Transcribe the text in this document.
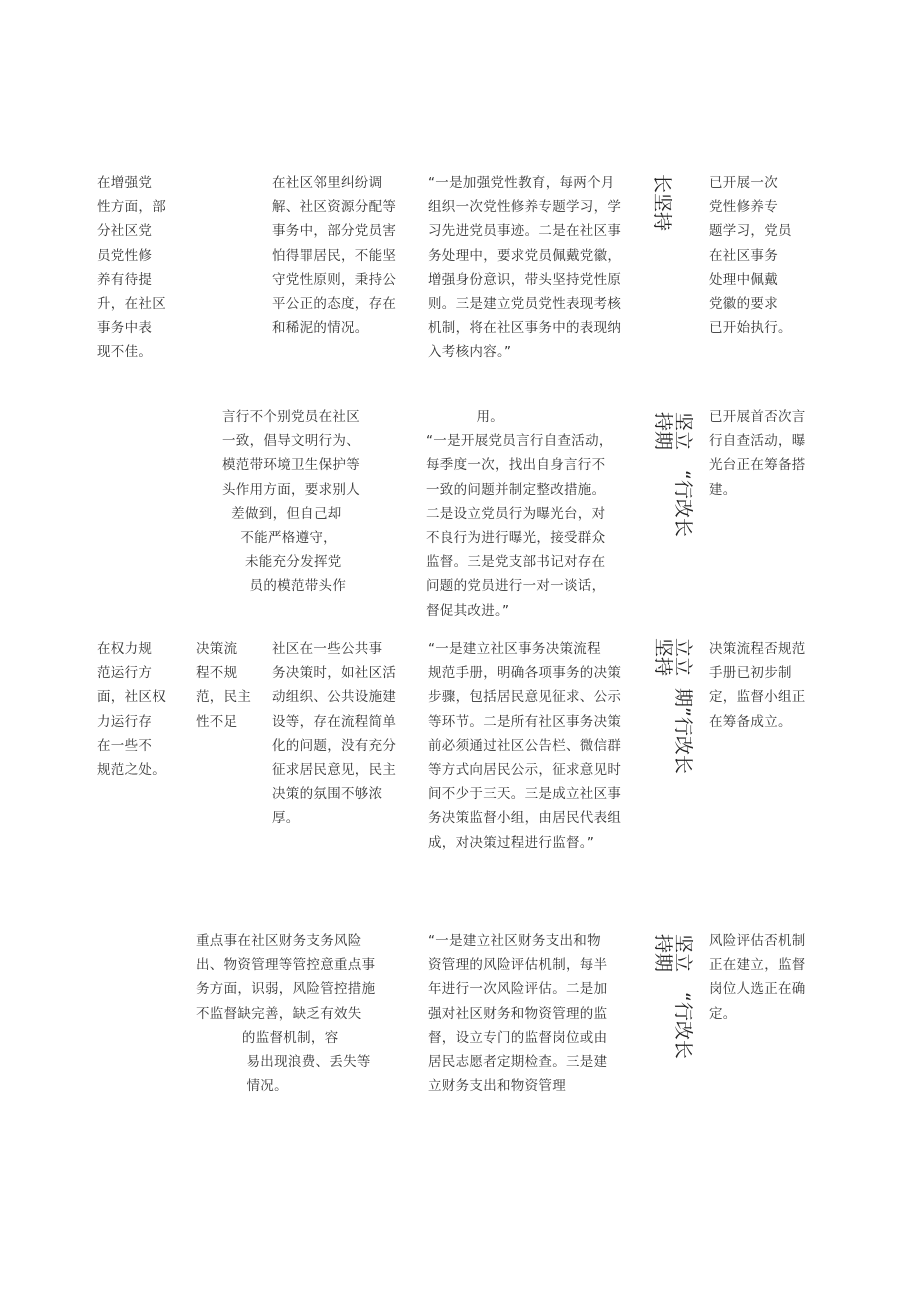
在增强党
性方面，部
分社区党
员党性修
养有待提
升，在社区
事务中表
现不佳。
在社区邻里纠纷调
解、社区资源分配等
事务中，部分党员害
怕得罪居民，不能坚
守党性原则，秉持公
平公正的态度，存在
和稀泥的情况。
“一是加强党性教育，每两个月
组织一次党性修养专题学习，学
习先进党员事迹。二是在社区事
务处理中，要求党员佩戴党徽，
增强身份意识，带头坚持党性原
则。三是建立党员党性表现考核
机制，将在社区事务中的表现纳
入考核内容。”
长坚持	已开展一次
党性修养专
题学习，党员
在社区事务
处理中佩戴
党徽的要求
已开始执行。
言行不个别党员在社区
一致，倡导文明行为、
模范带环境卫生保护等
头作用方面，要求别人
差做到，但自己却
不能严格遵守，
未能充分发挥党
员的模范带头作
用。
“一是开展党员言行自查活动，
每季度一次，找出自身言行不
一致的问题并制定整改措施。
二是设立党员行为曝光台，对
不良行为进行曝光，接受群众
监督。三是党支部书记对存在
问题的党员进行一对一谈话，
督促其改进。”
坚立
持期
“行改长
已开展首否次言
行自查活动，曝
光台正在筹备搭
建。
在权力规
范运行方
面，社区权
力运行存
在一些不
规范之处。
决策流
程不规
范，民主
性不足
社区在一些公共事
务决策时，如社区活
动组织、公共设施建
设等，存在流程简单
化的问题，没有充分
征求居民意见，民主
决策的氛围不够浓
厚。
“一是建立社区事务决策流程
规范手册，明确各项事务的决策
步骤，包括居民意见征求、公示
等环节。二是所有社区事务决策
前必须通过社区公告栏、微信群
等方式向居民公示，征求意见时
间不少于三天。三是成立社区事
务决策监督小组，由居民代表组
成，对决策过程进行监督。”
立立
坚持
期”行改长
决策流程否规范
手册已初步制
定，监督小组正
在筹备成立。
重点事在社区财务支务风险
出、物资管理等管控意重点事
务方面，识弱，风险管控措施
不监督缺完善，缺乏有效失
的监督机制，容
易出现浪费、丢失等
情况。
“一是建立社区财务支出和物
资管理的风险评估机制，每半
年进行一次风险评估。二是加
强对社区财务和物资管理的监
督，设立专门的监督岗位或由
居民志愿者定期检查。三是建
立财务支出和物资管理
坚立
持期
“行改长
风险评估否机制
正在建立，监督
岗位人选正在确
定。
